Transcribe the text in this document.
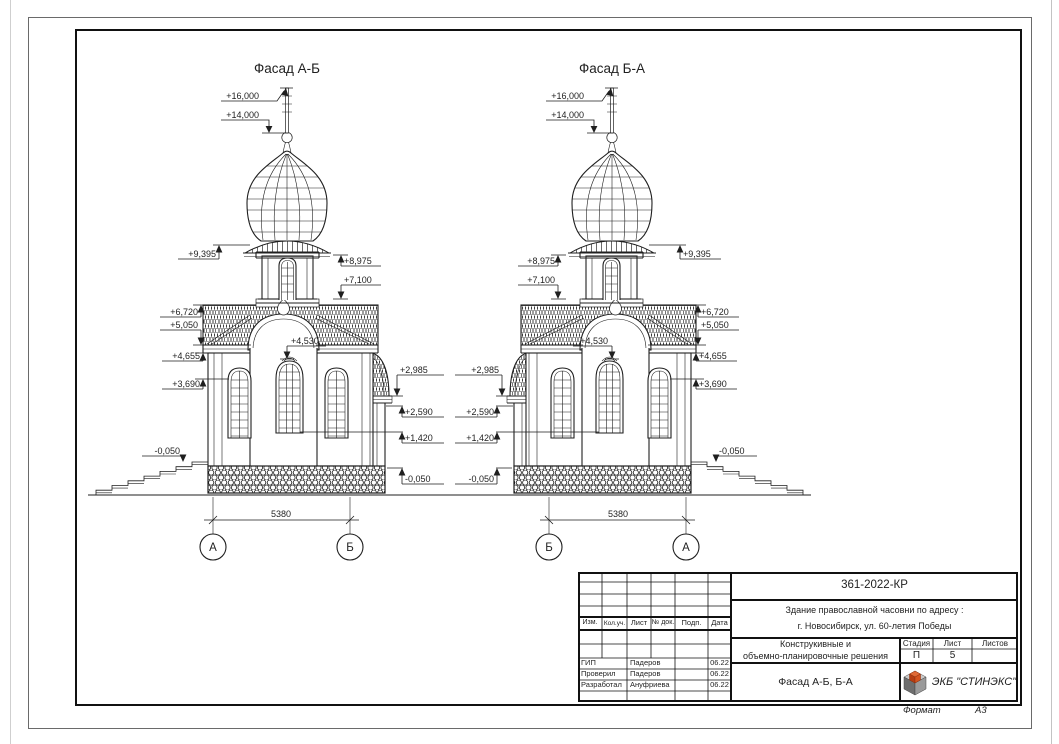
Фасад А-Б
+16,000
+14,000
+9,395
+6,720
+5,050
+4,655
+3,690
-0,050
+8,975
+7,100
+4,530
+2,985
+2,590
+1,420
-0,050
5380
А	Б
Фасад Б-А
+16,000
+14,000
+9,395
+6,720
+5,050
+4,655
+3,690
-0,050
+8,975
+7,100
+4,530
+2,985
+2,590
+1,420
-0,050
5380
Б	А
Изм. Кол.уч. Лист № док. Подп.	Дата
ГИП	Падеров	06.22
Проверил	Падеров	06.22
Разработал	Ануфриева	06.22
361-2022-КР
Здание православной часовни по адресу :
г. Новосибирск, ул. 60-летия Победы
Конструкивные и
объемно-планировочные решения
Стадия	Лист	Листов
П	5
Фасад А-Б, Б-А	ЭКБ "СТИНЭКС"
Формат	А3
